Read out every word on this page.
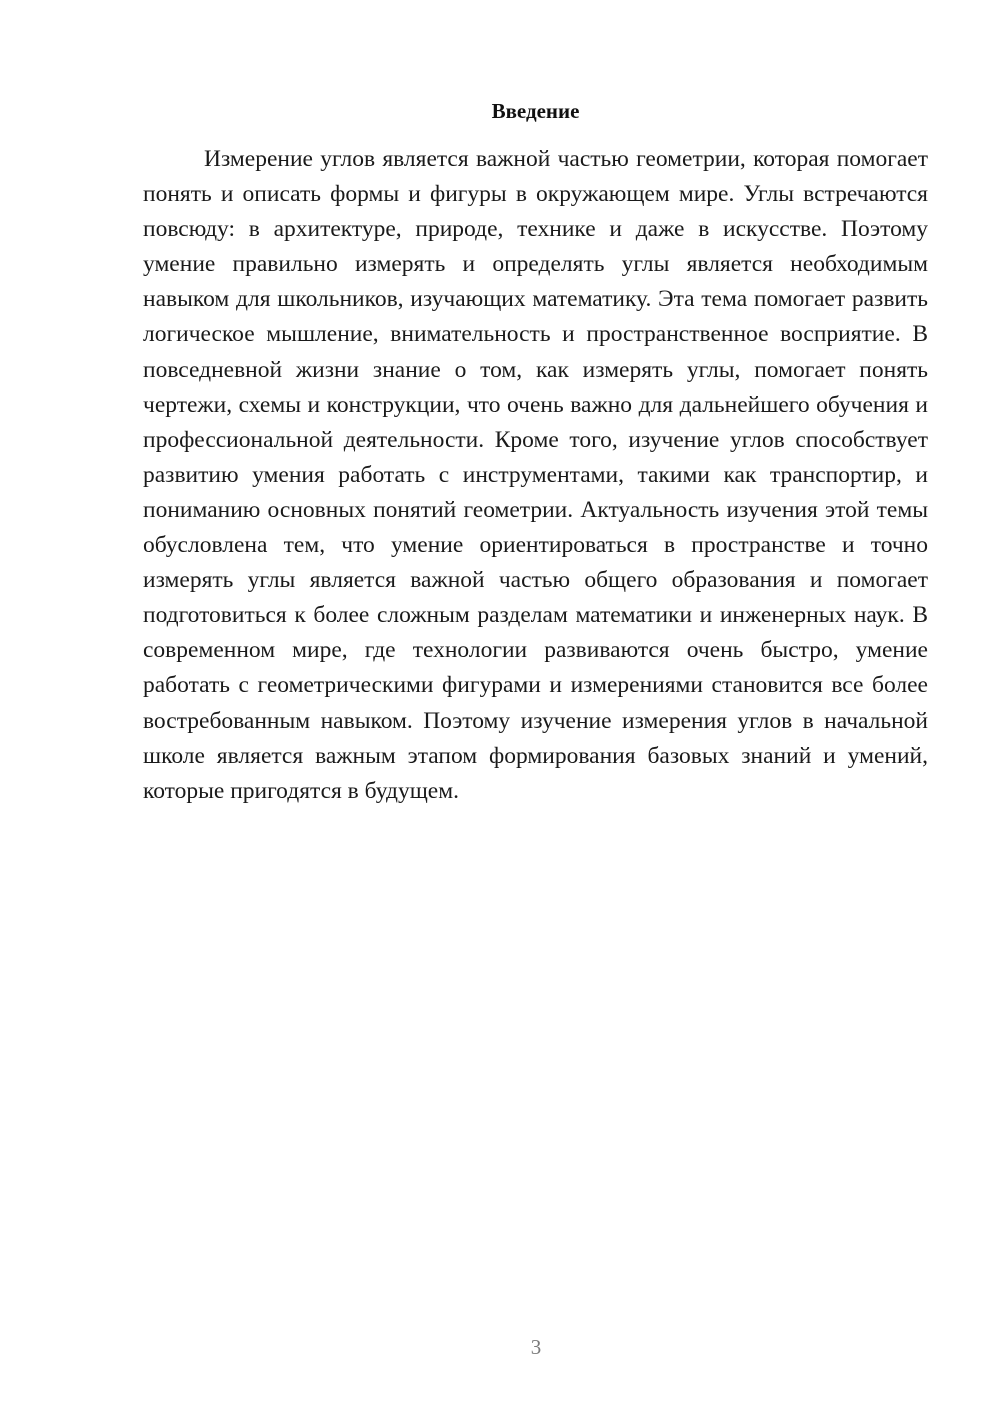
Введение

Измерение углов является важной частью геометрии, которая помогает понять и описать формы и фигуры в окружающем мире. Углы встречаются повсюду: в архитектуре, природе, технике и даже в искусстве. Поэтому умение правильно измерять и определять углы является необходимым навыком для школьников, изучающих математику. Эта тема помогает развить логическое мышление, внимательность и пространственное восприятие. В повседневной жизни знание о том, как измерять углы, помогает понять чертежи, схемы и конструкции, что очень важно для дальнейшего обучения и профессиональной деятельности. Кроме того, изучение углов способствует развитию умения работать с инструментами, такими как транспортир, и пониманию основных понятий геометрии. Актуальность изучения этой темы обусловлена тем, что умение ориентироваться в пространстве и точно измерять углы является важной частью общего образования и помогает подготовиться к более сложным разделам математики и инженерных наук. В современном мире, где технологии развиваются очень быстро, умение работать с геометрическими фигурами и измерениями становится все более востребованным навыком. Поэтому изучение измерения углов в начальной школе является важным этапом формирования базовых знаний и умений, которые пригодятся в будущем.

3
